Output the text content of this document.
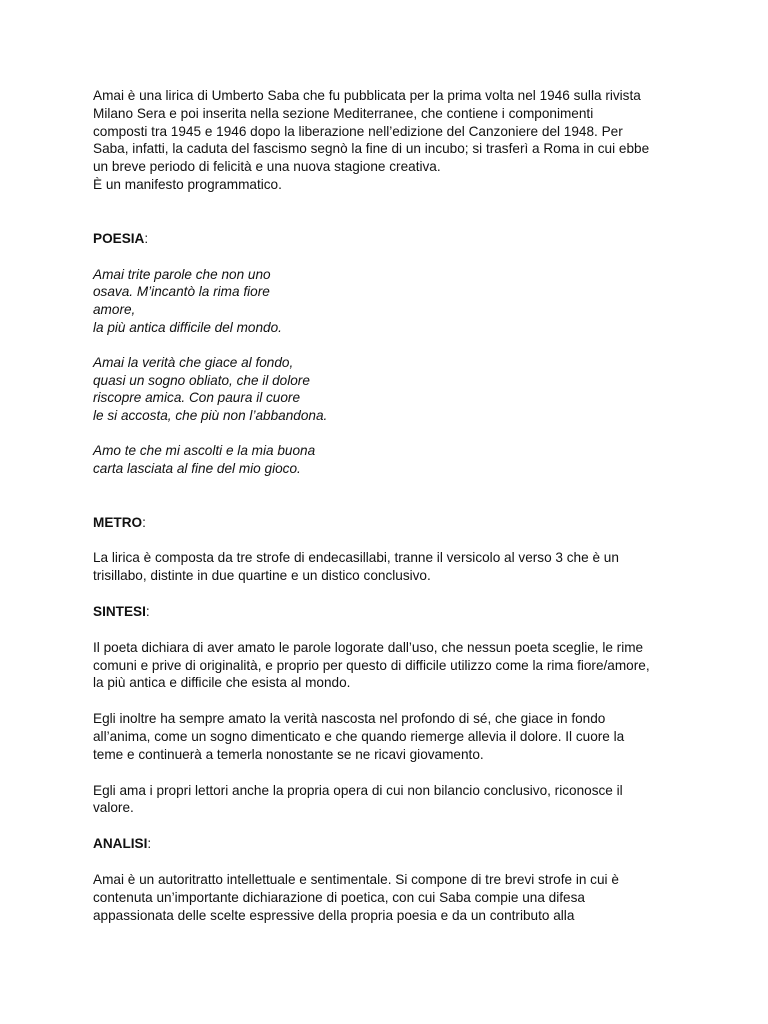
Amai è una lirica di Umberto Saba che fu pubblicata per la prima volta nel 1946 sulla rivista
Milano Sera e poi inserita nella sezione Mediterranee, che contiene i componimenti
composti tra 1945 e 1946 dopo la liberazione nell’edizione del Canzoniere del 1948. Per
Saba, infatti, la caduta del fascismo segnò la fine di un incubo; si trasferì a Roma in cui ebbe
un breve periodo di felicità e una nuova stagione creativa.
È un manifesto programmatico.

POESIA:

Amai trite parole che non uno
osava. M’incantò la rima fiore
amore,
la più antica difficile del mondo.

Amai la verità che giace al fondo,
quasi un sogno obliato, che il dolore
riscopre amica. Con paura il cuore
le si accosta, che più non l’abbandona.

Amo te che mi ascolti e la mia buona
carta lasciata al fine del mio gioco.

METRO:

La lirica è composta da tre strofe di endecasillabi, tranne il versicolo al verso 3 che è un
trisillabo, distinte in due quartine e un distico conclusivo.

SINTESI:

Il poeta dichiara di aver amato le parole logorate dall’uso, che nessun poeta sceglie, le rime
comuni e prive di originalità, e proprio per questo di difficile utilizzo come la rima fiore/amore,
la più antica e difficile che esista al mondo.

Egli inoltre ha sempre amato la verità nascosta nel profondo di sé, che giace in fondo
all’anima, come un sogno dimenticato e che quando riemerge allevia il dolore. Il cuore la
teme e continuerà a temerla nonostante se ne ricavi giovamento.

Egli ama i propri lettori anche la propria opera di cui non bilancio conclusivo, riconosce il
valore.

ANALISI:

Amai è un autoritratto intellettuale e sentimentale. Si compone di tre brevi strofe in cui è
contenuta un’importante dichiarazione di poetica, con cui Saba compie una difesa
appassionata delle scelte espressive della propria poesia e da un contributo alla
